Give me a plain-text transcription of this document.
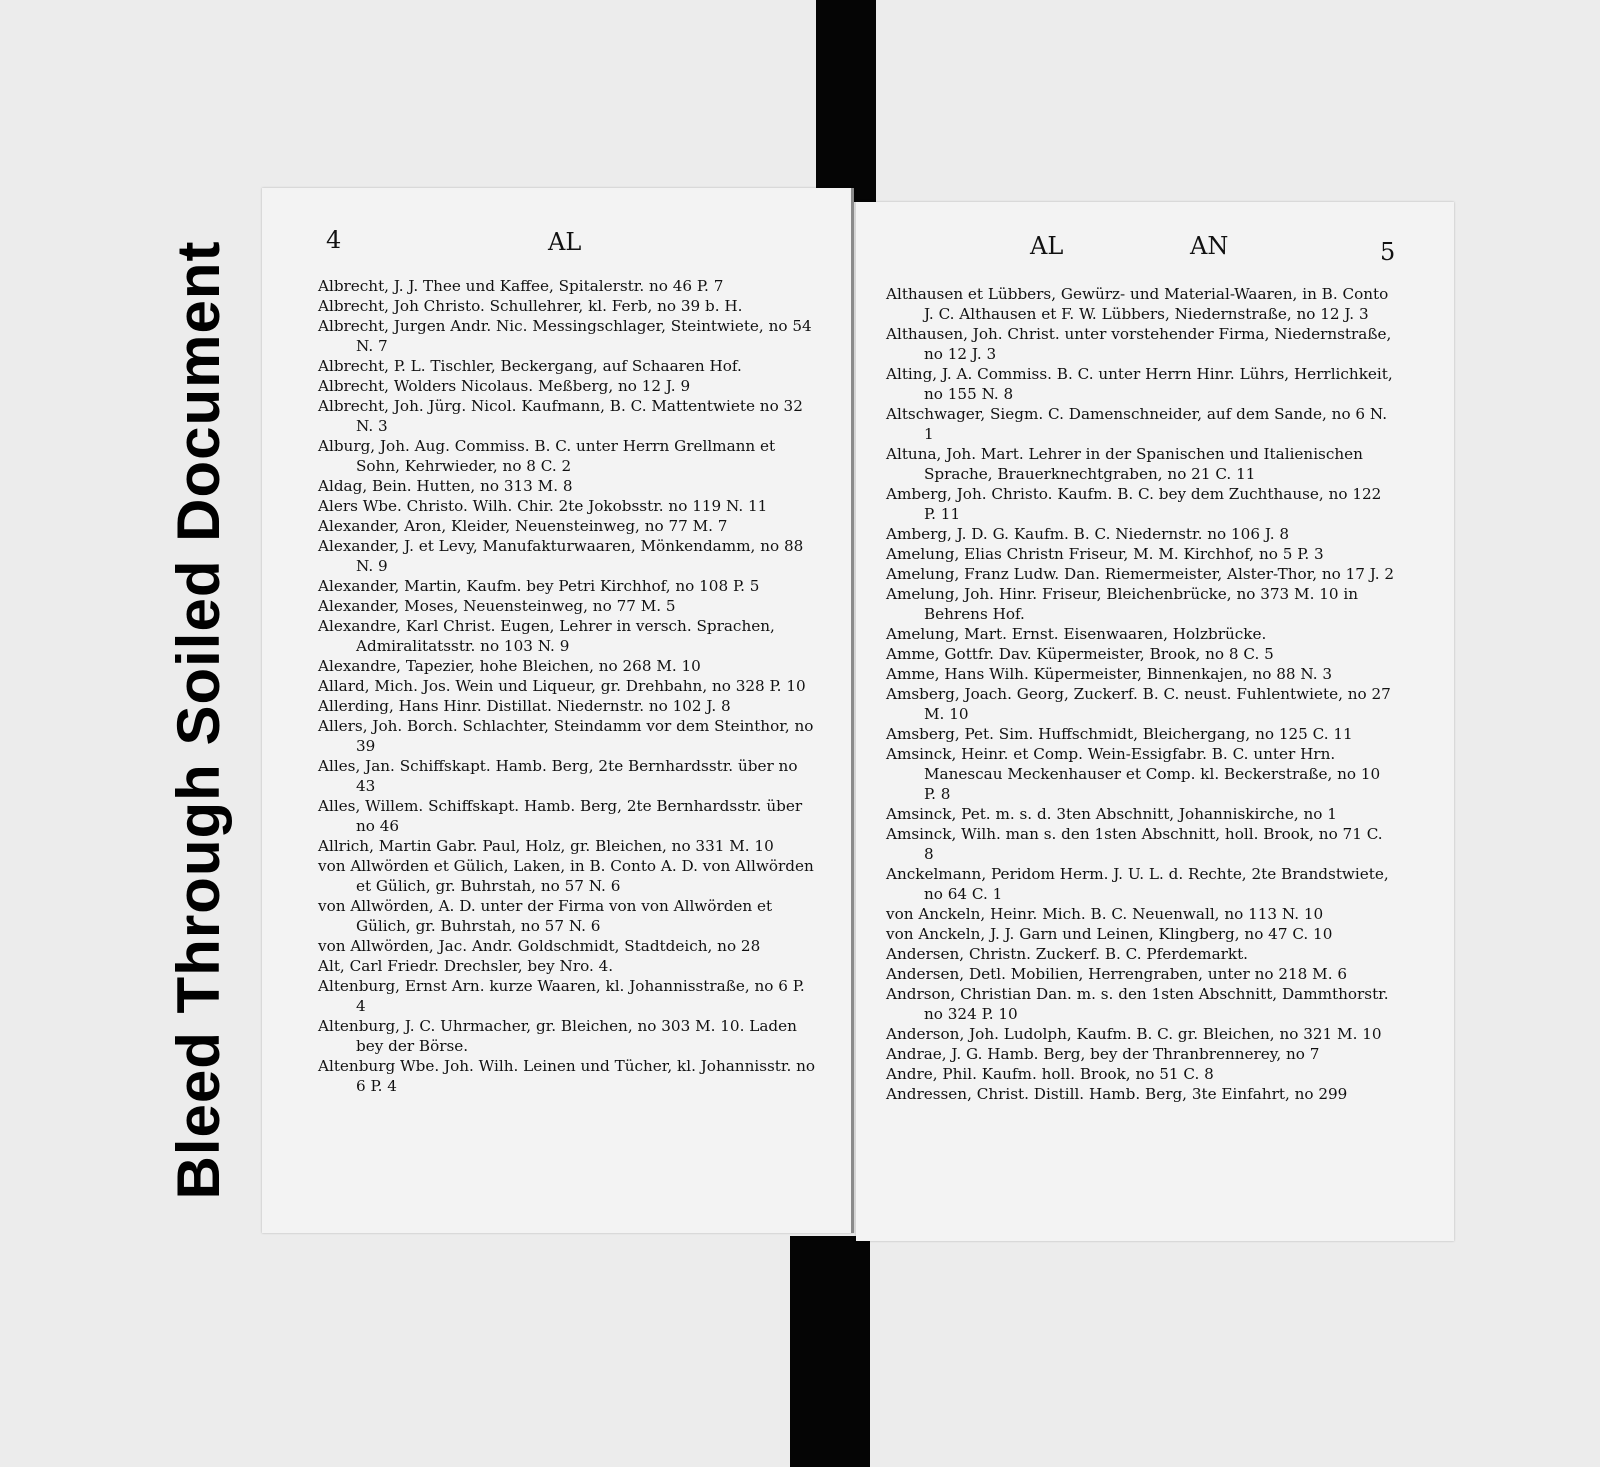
Bleed Through Soiled Document
4	AL
Albrecht, J. J. Thee und Kaffee, Spitalerstr. no 46 P. 7
Albrecht, Joh Christo. Schullehrer, kl. Ferb, no 39 b. H.
Albrecht, Jurgen Andr. Nic. Messingschlager, Steintwiete, no 54 N. 7
Albrecht, P. L. Tischler, Beckergang, auf Schaaren Hof.
Albrecht, Wolders Nicolaus. Meßberg, no 12 J. 9
Albrecht, Joh. Jürg. Nicol. Kaufmann, B. C. Mattentwiete no 32 N. 3
Alburg, Joh. Aug. Commiss. B. C. unter Herrn Grellmann et Sohn, Kehrwieder, no 8 C. 2
Aldag, Bein. Hutten, no 313 M. 8
Alers Wbe. Christo. Wilh. Chir. 2te Jokobsstr. no 119 N. 11
Alexander, Aron, Kleider, Neuensteinweg, no 77 M. 7
Alexander, J. et Levy, Manufakturwaaren, Mönkendamm, no 88 N. 9
Alexander, Martin, Kaufm. bey Petri Kirchhof, no 108 P. 5
Alexander, Moses, Neuensteinweg, no 77 M. 5
Alexandre, Karl Christ. Eugen, Lehrer in versch. Sprachen, Admiralitatsstr. no 103 N. 9
Alexandre, Tapezier, hohe Bleichen, no 268 M. 10
Allard, Mich. Jos. Wein und Liqueur, gr. Drehbahn, no 328 P. 10
Allerding, Hans Hinr. Distillat. Niedernstr. no 102 J. 8
Allers, Joh. Borch. Schlachter, Steindamm vor dem Steinthor, no 39
Alles, Jan. Schiffskapt. Hamb. Berg, 2te Bernhardsstr. über no 43
Alles, Willem. Schiffskapt. Hamb. Berg, 2te Bernhardsstr. über no 46
Allrich, Martin Gabr. Paul, Holz, gr. Bleichen, no 331 M. 10
von Allwörden et Gülich, Laken, in B. Conto A. D. von Allwörden et Gülich, gr. Buhrstah, no 57 N. 6
von Allwörden, A. D. unter der Firma von von Allwörden et Gülich, gr. Buhrstah, no 57 N. 6
von Allwörden, Jac. Andr. Goldschmidt, Stadtdeich, no 28
Alt, Carl Friedr. Drechsler, bey Nro. 4.
Altenburg, Ernst Arn. kurze Waaren, kl. Johannisstraße, no 6 P. 4
Altenburg, J. C. Uhrmacher, gr. Bleichen, no 303 M. 10. Laden bey der Börse.
Altenburg Wbe. Joh. Wilh. Leinen und Tücher, kl. Johannisstr. no 6 P. 4
AL	AN	5
Althausen et Lübbers, Gewürz- und Material-Waaren, in B. Conto J. C. Althausen et F. W. Lübbers, Niedernstraße, no 12 J. 3
Althausen, Joh. Christ. unter vorstehender Firma, Niedernstraße, no 12 J. 3
Alting, J. A. Commiss. B. C. unter Herrn Hinr. Lührs, Herrlichkeit, no 155 N. 8
Altschwager, Siegm. C. Damenschneider, auf dem Sande, no 6 N. 1
Altuna, Joh. Mart. Lehrer in der Spanischen und Italienischen Sprache, Brauerknechtgraben, no 21 C. 11
Amberg, Joh. Christo. Kaufm. B. C. bey dem Zuchthause, no 122 P. 11
Amberg, J. D. G. Kaufm. B. C. Niedernstr. no 106 J. 8
Amelung, Elias Christn Friseur, M. M. Kirchhof, no 5 P. 3
Amelung, Franz Ludw. Dan. Riemermeister, Alster-Thor, no 17 J. 2
Amelung, Joh. Hinr. Friseur, Bleichenbrücke, no 373 M. 10 in Behrens Hof.
Amelung, Mart. Ernst. Eisenwaaren, Holzbrücke.
Amme, Gottfr. Dav. Küpermeister, Brook, no 8 C. 5
Amme, Hans Wilh. Küpermeister, Binnenkajen, no 88 N. 3
Amsberg, Joach. Georg, Zuckerf. B. C. neust. Fuhlentwiete, no 27 M. 10
Amsberg, Pet. Sim. Huffschmidt, Bleichergang, no 125 C. 11
Amsinck, Heinr. et Comp. Wein-Essigfabr. B. C. unter Hrn. Manescau Meckenhauser et Comp. kl. Beckerstraße, no 10 P. 8
Amsinck, Pet. m. s. d. 3ten Abschnitt, Johanniskirche, no 1
Amsinck, Wilh. man s. den 1sten Abschnitt, holl. Brook, no 71 C. 8
Anckelmann, Peridom Herm. J. U. L. d. Rechte, 2te Brandstwiete, no 64 C. 1
von Anckeln, Heinr. Mich. B. C. Neuenwall, no 113 N. 10
von Anckeln, J. J. Garn und Leinen, Klingberg, no 47 C. 10
Andersen, Christn. Zuckerf. B. C. Pferdemarkt.
Andersen, Detl. Mobilien, Herrengraben, unter no 218 M. 6
Andrson, Christian Dan. m. s. den 1sten Abschnitt, Dammthorstr. no 324 P. 10
Anderson, Joh. Ludolph, Kaufm. B. C. gr. Bleichen, no 321 M. 10
Andrae, J. G. Hamb. Berg, bey der Thranbrennerey, no 7
Andre, Phil. Kaufm. holl. Brook, no 51 C. 8
Andressen, Christ. Distill. Hamb. Berg, 3te Einfahrt, no 299
